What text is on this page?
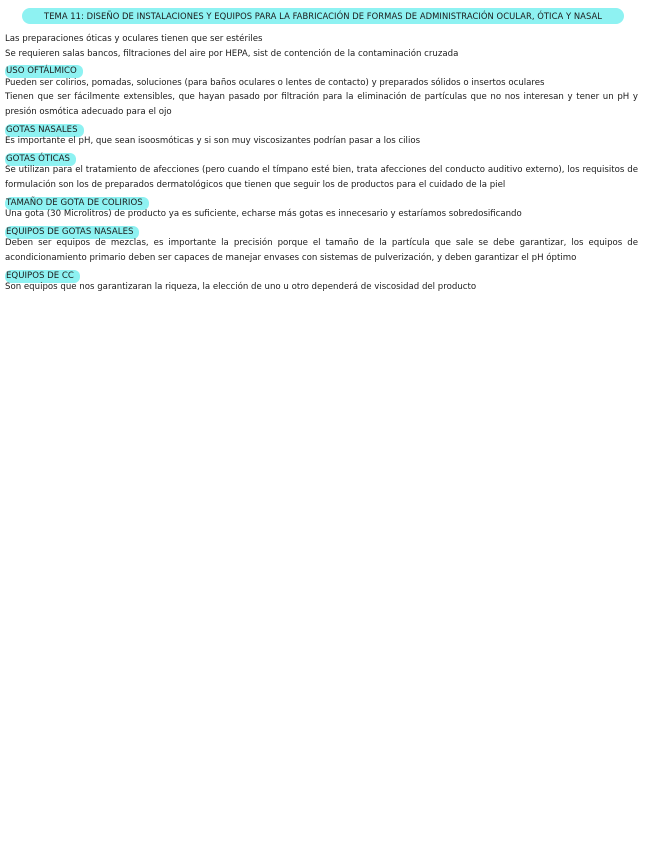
TEMA 11: DISEÑO DE INSTALACIONES Y EQUIPOS PARA LA FABRICACIÓN DE FORMAS DE ADMINISTRACIÓN OCULAR, ÓTICA Y NASAL
Las preparaciones óticas y oculares tienen que ser estériles
Se requieren salas bancos, filtraciones del aire por HEPA, sist de contención de la contaminación cruzada
USO OFTÁLMICO
Pueden ser colirios, pomadas, soluciones (para baños oculares o lentes de contacto) y preparados sólidos o insertos oculares
Tienen que ser fácilmente extensibles, que hayan pasado por filtración para la eliminación de partículas que no nos interesan y tener un pH y presión osmótica adecuado para el ojo
GOTAS NASALES
Es importante el pH, que sean isoosmóticas y si son muy viscosizantes podrían pasar a los cilios
GOTAS ÓTICAS
Se utilizan para el tratamiento de afecciones (pero cuando el tímpano esté bien, trata afecciones del conducto auditivo externo), los requisitos de formulación son los de preparados dermatológicos que tienen que seguir los de productos para el cuidado de la piel
TAMAÑO DE GOTA DE COLIRIOS
Una gota (30 Microlitros) de producto ya es suficiente, echarse más gotas es innecesario y estaríamos sobredosificando
EQUIPOS DE GOTAS NASALES
Deben ser equipos de mezclas, es importante la precisión porque el tamaño de la partícula que sale se debe garantizar, los equipos de acondicionamiento primario deben ser capaces de manejar envases con sistemas de pulverización, y deben garantizar el pH óptimo
EQUIPOS DE CC
Son equipos que nos garantizaran la riqueza, la elección de uno u otro dependerá de viscosidad del producto
